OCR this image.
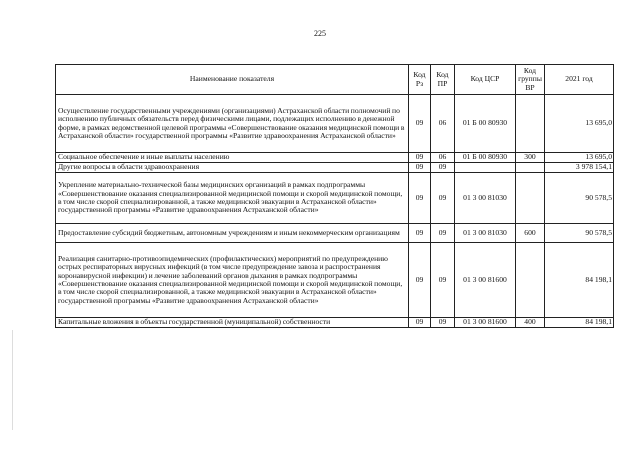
225
Наименование показателя	Код Рз	Код ПР	Код ЦСР	Код группы ВР	2021 год
Осуществление государственными учреждениями (организациями) Астраханской области полномочий по исполнению публичных обязательств перед физическими лицами, подлежащих исполнению в денежной форме, в рамках ведомственной целевой программы «Совершенствование оказания медицинской помощи в Астраханской области» государственной программы «Развитие здравоохранения Астраханской области»	09	06	01 Б 00 80930		13 695,0
Социальное обеспечение и иные выплаты населению	09	06	01 Б 00 80930	300	13 695,0
Другие вопросы в области здравоохранения	09	09			3 978 154,1
Укрепление материально-технической базы медицинских организаций в рамках подпрограммы «Совершенствование оказания специализированной медицинской помощи и скорой медицинской помощи, в том числе скорой специализированной, а также медицинской эвакуации в Астраханской области» государственной программы «Развитие здравоохранения Астраханской области»	09	09	01 3 00 81030		90 578,5
Предоставление субсидий бюджетным, автономным учреждениям и иным некоммерческим организациям	09	09	01 3 00 81030	600	90 578,5
Реализация санитарно-противоэпидемических (профилактических) мероприятий по предупреждению острых респираторных вирусных инфекций (в том числе предупреждение завоза и распространения коронавирусной инфекции) и лечение заболеваний органов дыхания в рамках подпрограммы «Совершенствование оказания специализированной медицинской помощи и скорой медицинской помощи, в том числе скорой специализированной, а также медицинской эвакуации в Астраханской области» государственной программы «Развитие здравоохранения Астраханской области»	09	09	01 3 00 81600		84 198,1
Капитальные вложения в объекты государственной (муниципальной) собственности	09	09	01 3 00 81600	400	84 198,1
